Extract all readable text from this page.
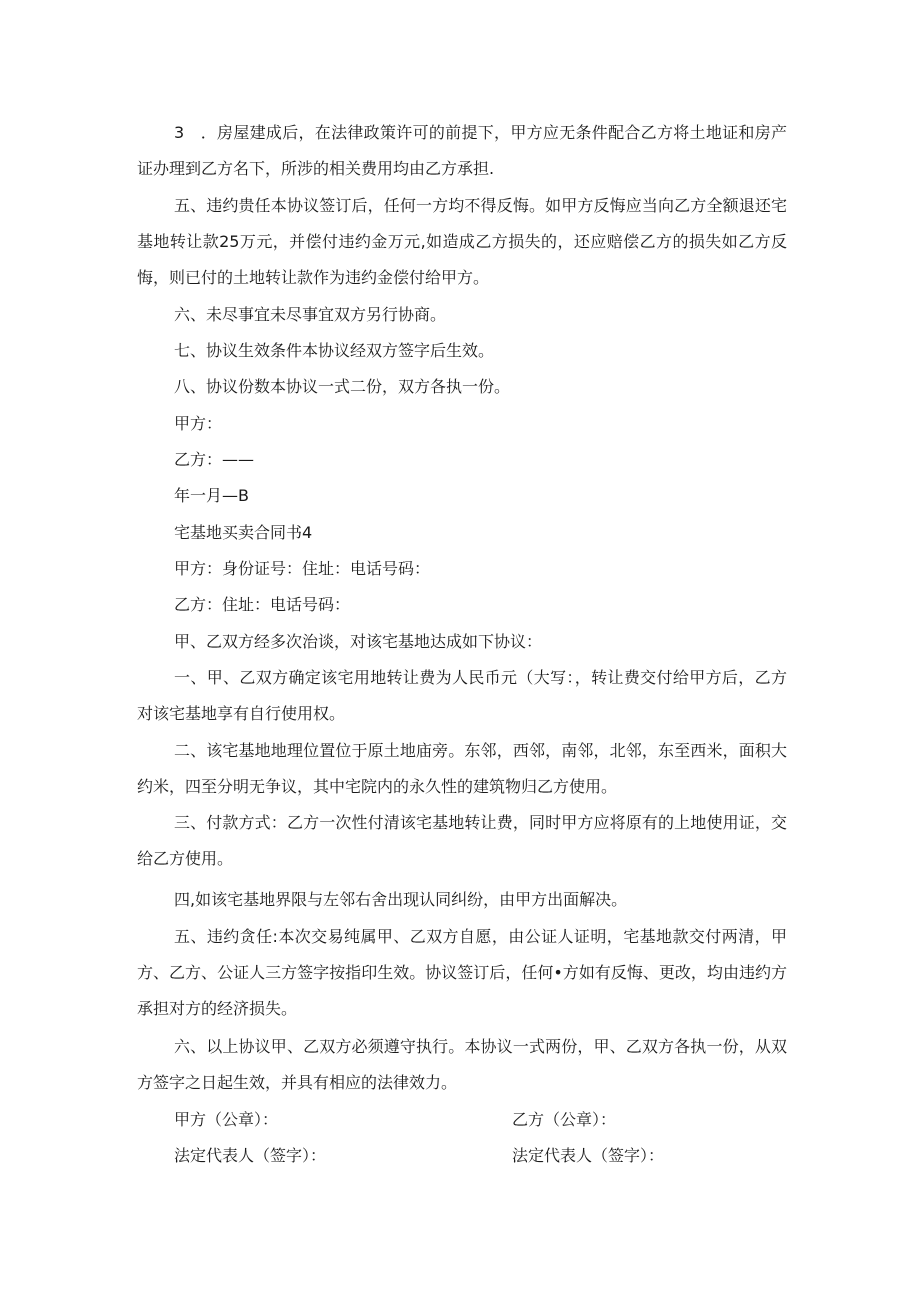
3　．房屋建成后，在法律政策许可的前提下，甲方应无条件配合乙方将土地证和房产证办理到乙方名下，所涉的相关费用均由乙方承担.

五、违约贵任本协议签订后，任何一方均不得反悔。如甲方反悔应当向乙方全额退还宅基地转让款25万元，并偿付违约金万元,如造成乙方损失的，还应赔偿乙方的损失如乙方反悔，则已付的土地转让款作为违约金偿付给甲方。

六、未尽事宜未尽事宜双方另行协商。

七、协议生效条件本协议经双方签字后生效。

八、协议份数本协议一式二份，双方各执一份。

甲方：

乙方：——

年一月—B

宅基地买卖合同书4

甲方：身份证号：住址：电话号码：

乙方：住址：电话号码：

甲、乙双方经多次治谈，对该宅基地达成如下协议：

一、甲、乙双方确定该宅用地转让费为人民币元（大写：，转让费交付给甲方后，乙方对该宅基地享有自行使用权。

二、该宅基地地理位置位于原土地庙旁。东邻，西邻，南邻，北邻，东至西米，面积大约米，四至分明无争议，其中宅院内的永久性的建筑物归乙方使用。

三、付款方式：乙方一次性付清该宅基地转让费，同时甲方应将原有的上地使用证，交给乙方使用。

四,如该宅基地界限与左邻右舍出现认同纠纷，由甲方出面解决。

五、违约贪任:本次交易纯属甲、乙双方自愿，由公证人证明，宅基地款交付两清，甲方、乙方、公证人三方签字按指印生效。协议签订后，任何•方如有反悔、更改，均由违约方承担对方的经济损失。

六、以上协议甲、乙双方必须遵守执行。本协议一式两份，甲、乙双方各执一份，从双方签字之日起生效，并具有相应的法律效力。

甲方（公章）：	乙方（公章）：

法定代表人（签字）：	法定代表人（签字）：
